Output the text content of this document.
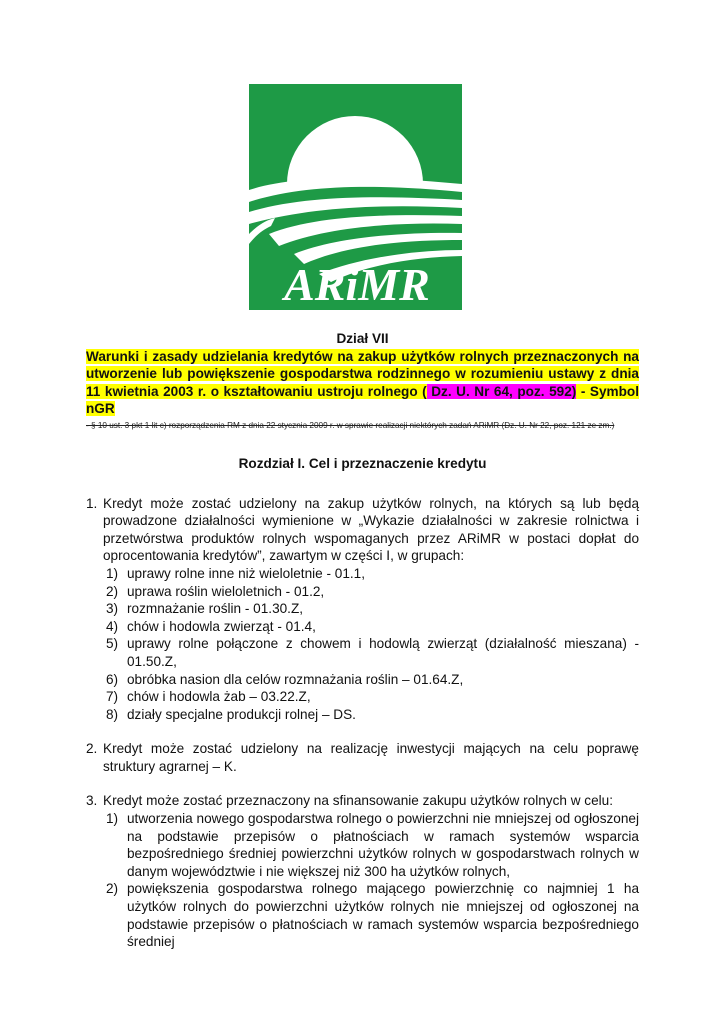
ARiMR

Dział VII

Warunki i zasady udzielania kredytów na zakup użytków rolnych przeznaczonych na utworzenie lub powiększenie gospodarstwa rodzinnego w rozumieniu ustawy z dnia 11 kwietnia 2003 r. o kształtowaniu ustroju rolnego ( Dz. U. Nr 64, poz. 592) - Symbol nGR

- § 10 ust. 3 pkt 1 lit c) rozporządzenia RM z dnia 22 stycznia 2009 r. w sprawie realizacji niektórych zadań ARiMR (Dz. U. Nr 22, poz. 121 ze zm.)

Rozdział I. Cel i przeznaczenie kredytu

1. Kredyt może zostać udzielony na zakup użytków rolnych, na których są lub będą prowadzone działalności wymienione w „Wykazie działalności w zakresie rolnictwa i przetwórstwa produktów rolnych wspomaganych przez ARiMR w postaci dopłat do oprocentowania kredytów”, zawartym w części I, w grupach:
1) uprawy rolne inne niż wieloletnie - 01.1,
2) uprawa roślin wieloletnich - 01.2,
3) rozmnażanie roślin - 01.30.Z,
4) chów i hodowla zwierząt - 01.4,
5) uprawy rolne połączone z chowem i hodowlą zwierząt (działalność mieszana) - 01.50.Z,
6) obróbka nasion dla celów rozmnażania roślin – 01.64.Z,
7) chów i hodowla żab – 03.22.Z,
8) działy specjalne produkcji rolnej – DS.
2. Kredyt może zostać udzielony na realizację inwestycji mających na celu poprawę struktury agrarnej – K.
3. Kredyt może zostać przeznaczony na sfinansowanie zakupu użytków rolnych w celu:
1) utworzenia nowego gospodarstwa rolnego o powierzchni nie mniejszej od ogłoszonej na podstawie przepisów o płatnościach w ramach systemów wsparcia bezpośredniego średniej powierzchni użytków rolnych w gospodarstwach rolnych w danym województwie i nie większej niż 300 ha użytków rolnych,
2) powiększenia gospodarstwa rolnego mającego powierzchnię co najmniej 1 ha użytków rolnych do powierzchni użytków rolnych nie mniejszej od ogłoszonej na podstawie przepisów o płatnościach w ramach systemów wsparcia bezpośredniego średniej
